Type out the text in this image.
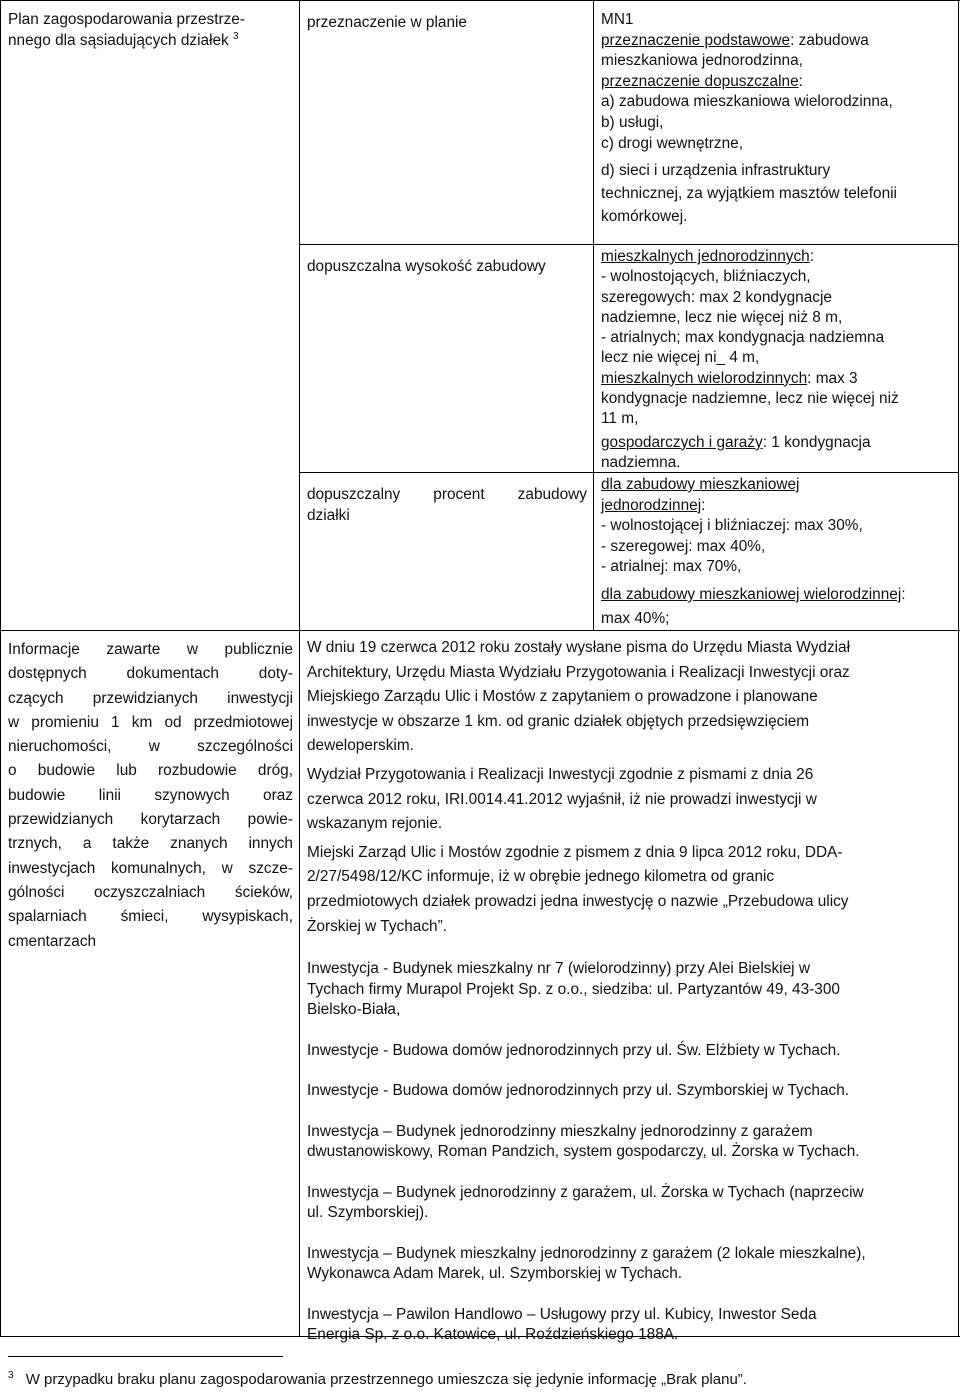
Plan zagospodarowania przestrze-
nnego dla sąsiadujących działek $^3$
Informacje zawarte w publicznie
dostępnych dokumentach doty-
czących przewidzianych inwestycji
w promieniu 1 km od przedmiotowej
nieruchomości, w szczególności
o budowie lub rozbudowie dróg,
budowie linii szynowych oraz
przewidzianych korytarzach powie-
trznych, a także znanych innych
inwestycjach komunalnych, w szcze-
gólności oczyszczalniach ścieków,
spalarniach śmieci, wysypiskach,
cmentarzach
przeznaczenie w planie	MN1
przeznaczenie podstawowe: zabudowa
mieszkaniowa jednorodzinna,
przeznaczenie dopuszczalne:
a) zabudowa mieszkaniowa wielorodzinna,
b) usługi,
c) drogi wewnętrzne,
d) sieci i urządzenia infrastruktury
technicznej, za wyjątkiem masztów telefonii
komórkowej.
dopuszczalna wysokość zabudowy
mieszkalnych jednorodzinnych:
- wolnostojących, bliźniaczych,
szeregowych: max 2 kondygnacje
nadziemne, lecz nie więcej niż 8 m,
- atrialnych; max kondygnacja nadziemna
lecz nie więcej ni_ 4 m,
mieszkalnych wielorodzinnych: max 3
kondygnacje nadziemne, lecz nie więcej niż
11 m,
gospodarczych i garaży: 1 kondygnacja
nadziemna.
dopuszczalny procent zabudowy
działki
dla zabudowy mieszkaniowej
jednorodzinnej:
- wolnostojącej i bliźniaczej: max 30%,
- szeregowej: max 40%,
- atrialnej: max 70%,
dla zabudowy mieszkaniowej wielorodzinnej:
max 40%;
W dniu 19 czerwca 2012 roku zostały wysłane pisma do Urzędu Miasta Wydział
Architektury, Urzędu Miasta Wydziału Przygotowania i Realizacji Inwestycji oraz
Miejskiego Zarządu Ulic i Mostów z zapytaniem o prowadzone i planowane
inwestycje w obszarze 1 km. od granic działek objętych przedsięwzięciem
deweloperskim.
Wydział Przygotowania i Realizacji Inwestycji zgodnie z pismami z dnia 26
czerwca 2012 roku, IRI.0014.41.2012 wyjaśnił, iż nie prowadzi inwestycji w
wskazanym rejonie.
Miejski Zarząd Ulic i Mostów zgodnie z pismem z dnia 9 lipca 2012 roku, DDA-
2/27/5498/12/KC informuje, iż w obrębie jednego kilometra od granic
przedmiotowych działek prowadzi jedna inwestycję o nazwie „Przebudowa ulicy
Żorskiej w Tychach”.
Inwestycja - Budynek mieszkalny nr 7 (wielorodzinny) przy Alei Bielskiej w
Tychach firmy Murapol Projekt Sp. z o.o., siedziba: ul. Partyzantów 49, 43-300
Bielsko-Biała,
Inwestycje - Budowa domów jednorodzinnych przy ul. Św. Elżbiety w Tychach.
Inwestycje - Budowa domów jednorodzinnych przy ul. Szymborskiej w Tychach.
Inwestycja – Budynek jednorodzinny mieszkalny jednorodzinny z garażem
dwustanowiskowy, Roman Pandzich, system gospodarczy, ul. Żorska w Tychach.
Inwestycja – Budynek jednorodzinny z garażem, ul. Żorska w Tychach (naprzeciw
ul. Szymborskiej).
Inwestycja – Budynek mieszkalny jednorodzinny z garażem (2 lokale mieszkalne),
Wykonawca Adam Marek, ul. Szymborskiej w Tychach.
Inwestycja – Pawilon Handlowo – Usługowy przy ul. Kubicy, Inwestor Seda
Energia Sp. z o.o. Katowice, ul. Roździeńskiego 188A.
$^3$ W przypadku braku planu zagospodarowania przestrzennego umieszcza się jedynie informację „Brak planu”.
